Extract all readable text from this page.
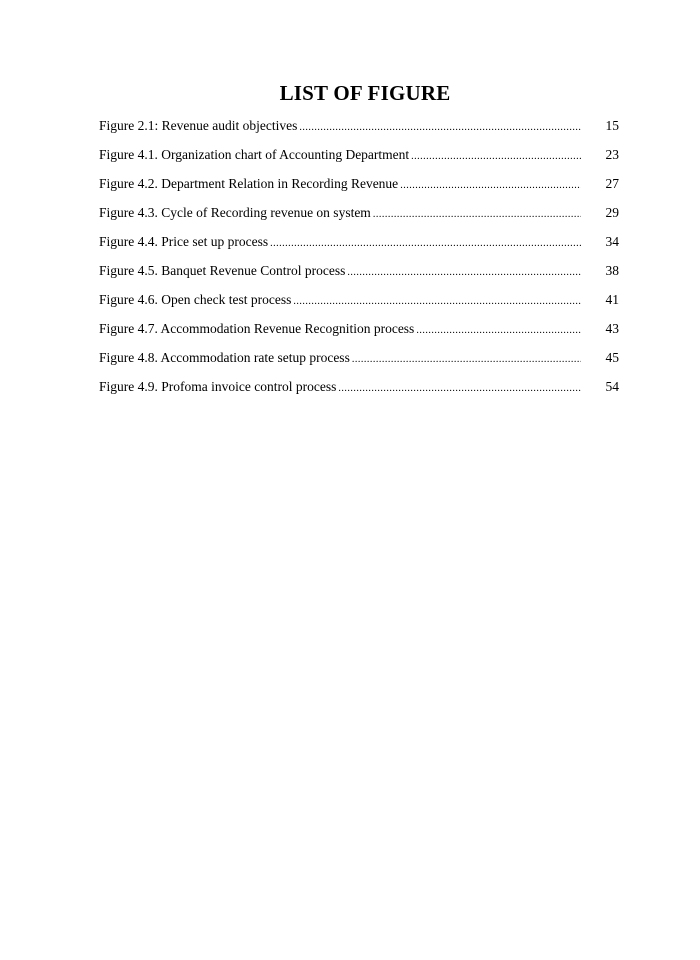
LIST OF FIGURE
Figure 2.1: Revenue audit objectives .....	15
Figure 4.1. Organization chart of Accounting Department .....	23
Figure 4.2. Department Relation in Recording Revenue .....	27
Figure 4.3. Cycle of Recording revenue on system .....	29
Figure 4.4. Price set up process .....	34
Figure 4.5. Banquet Revenue Control process .....	38
Figure 4.6. Open check test process .....	41
Figure 4.7. Accommodation Revenue Recognition process .....	43
Figure 4.8. Accommodation rate setup process .....	45
Figure 4.9. Profoma invoice control process .....	54
